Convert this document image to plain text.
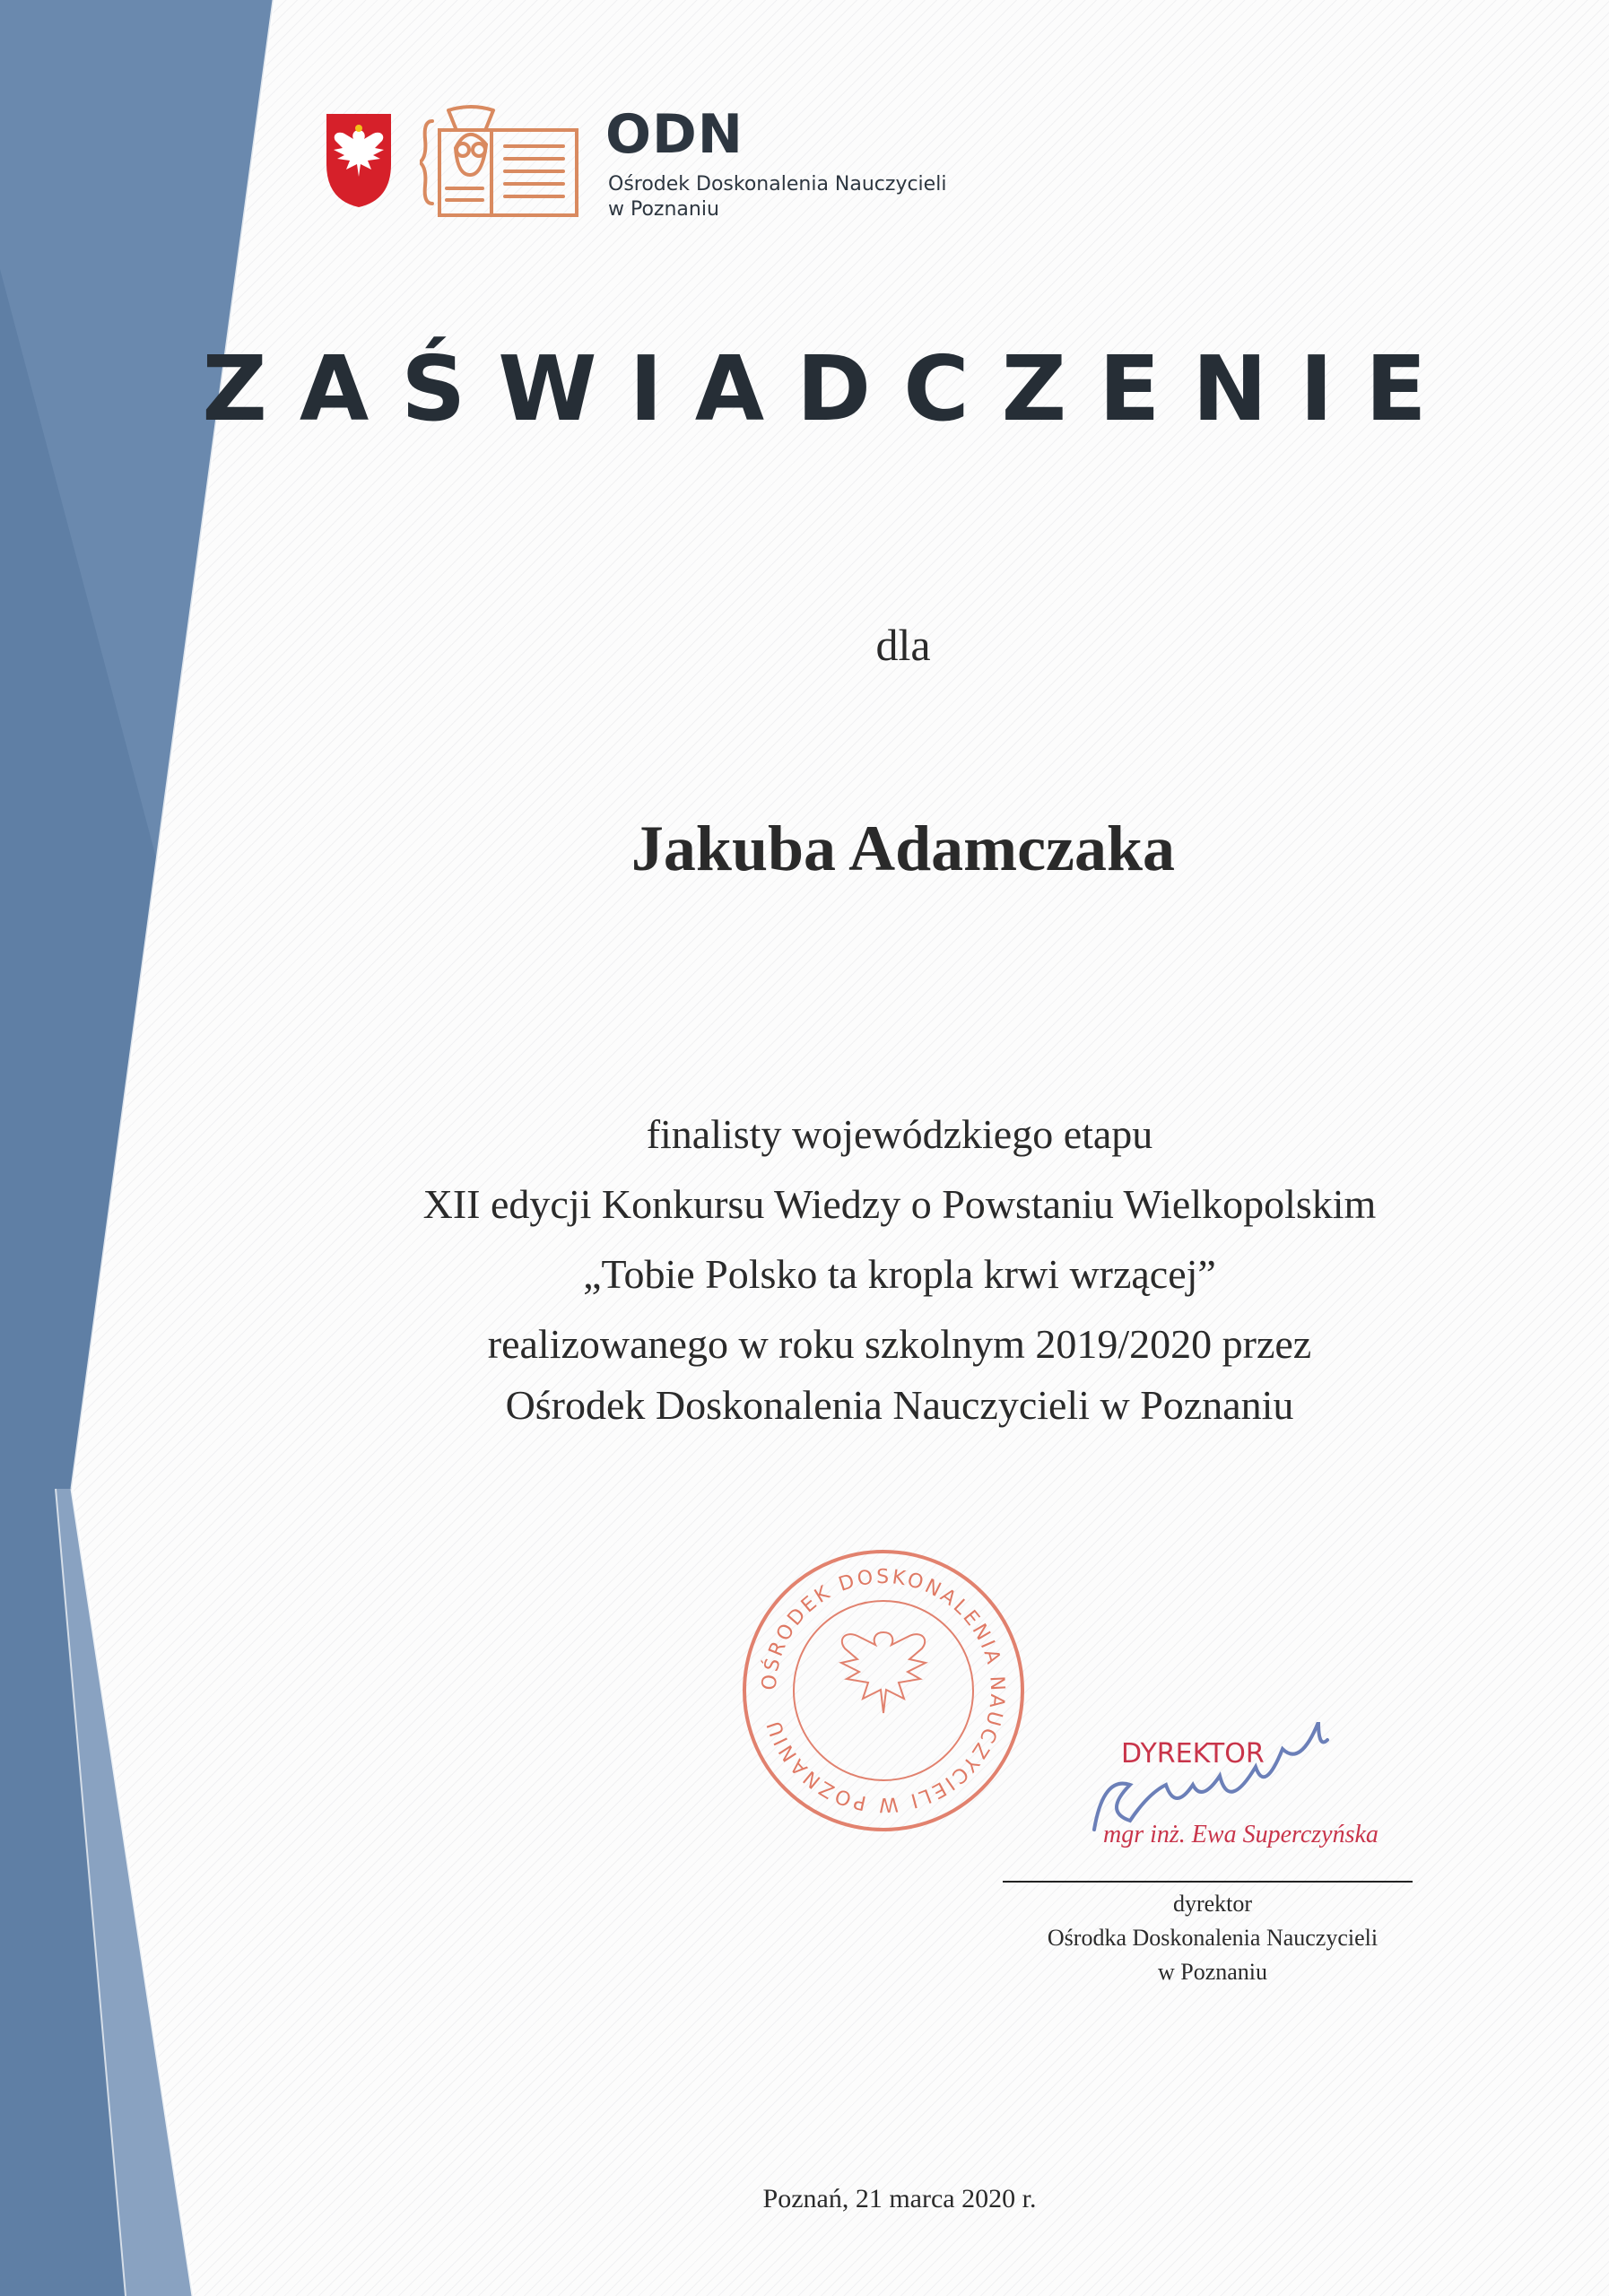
ODN
Ośrodek Doskonalenia Nauczycieli
w Poznaniu
ZAŚWIADCZENIE
dla
Jakuba Adamczaka
finalisty wojewódzkiego etapu
XII edycji Konkursu Wiedzy o Powstaniu Wielkopolskim
„Tobie Polsko ta kropla krwi wrzącej”
realizowanego w roku szkolnym 2019/2020 przez
Ośrodek Doskonalenia Nauczycieli w Poznaniu
OŚRODEK DOSKONALENIA NAUCZYCIELI W POZNANIU
DYREKTOR
mgr inż. Ewa Superczyńska
dyrektor
Ośrodka Doskonalenia Nauczycieli
w Poznaniu
Poznań, 21 marca 2020 r.
